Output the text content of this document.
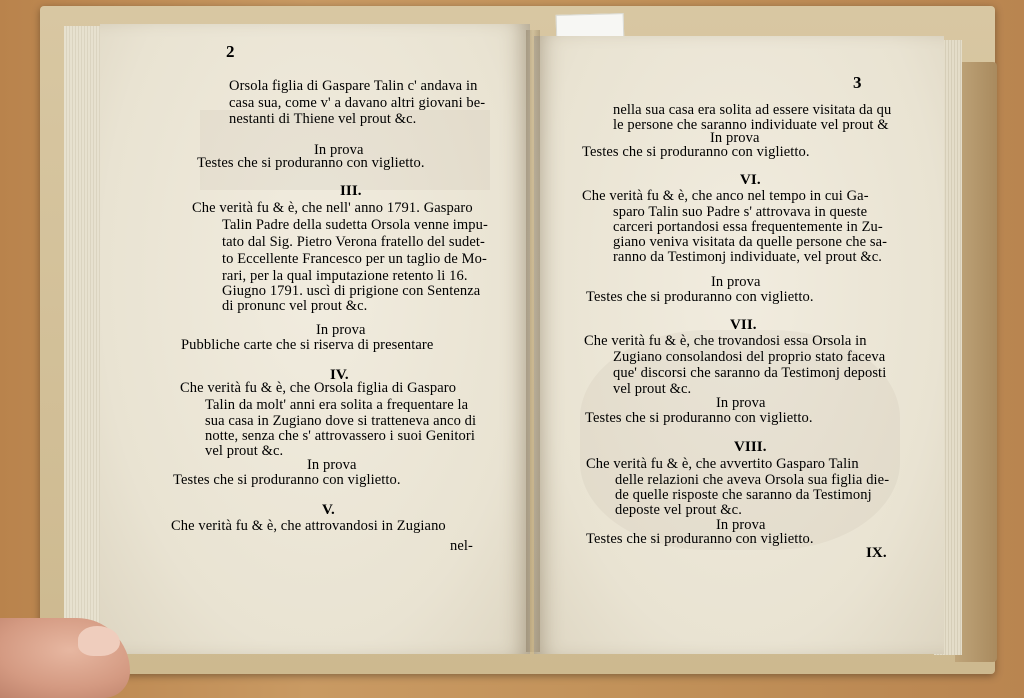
2
Orsola figlia di Gaspare Talin c' andava in
casa sua, come v' a davano altri giovani be-
nestanti di Thiene vel prout &c.
In prova
Testes che si produranno con viglietto.
III.
Che verità fu & è, che nell' anno 1791. Gasparo
Talin Padre della sudetta Orsola venne impu-
tato dal Sig. Pietro Verona fratello del sudet-
to Eccellente Francesco per un taglio de Mo-
rari, per la qual imputazione retento li 16.
Giugno 1791. uscì di prigione con Sentenza
di pronunc vel prout &c.
In prova
Pubbliche carte che si riserva di presentare
IV.
Che verità fu & è, che Orsola figlia di Gasparo
Talin da molt' anni era solita a frequentare la
sua casa in Zugiano dove si tratteneva anco di
notte, senza che s' attrovassero i suoi Genitori
vel prout &c.
In prova
Testes che si produranno con viglietto.
V.
Che verità fu & è, che attrovandosi in Zugiano
nel-
3
nella sua casa era solita ad essere visitata da qu
le persone che saranno individuate vel prout &
In prova
Testes che si produranno con viglietto.
VI.
Che verità fu & è, che anco nel tempo in cui Ga-
sparo Talin suo Padre s' attrovava in queste
carceri portandosi essa frequentemente in Zu-
giano veniva visitata da quelle persone che sa-
ranno da Testimonj individuate, vel prout &c.
In prova
Testes che si produranno con viglietto.
VII.
Che verità fu & è, che trovandosi essa Orsola in
Zugiano consolandosi del proprio stato faceva
que' discorsi che saranno da Testimonj deposti
vel prout &c.
In prova
Testes che si produranno con viglietto.
VIII.
Che verità fu & è, che avvertito Gasparo Talin
delle relazioni che aveva Orsola sua figlia die-
de quelle risposte che saranno da Testimonj
deposte vel prout &c.
In prova
Testes che si produranno con viglietto.
IX.
